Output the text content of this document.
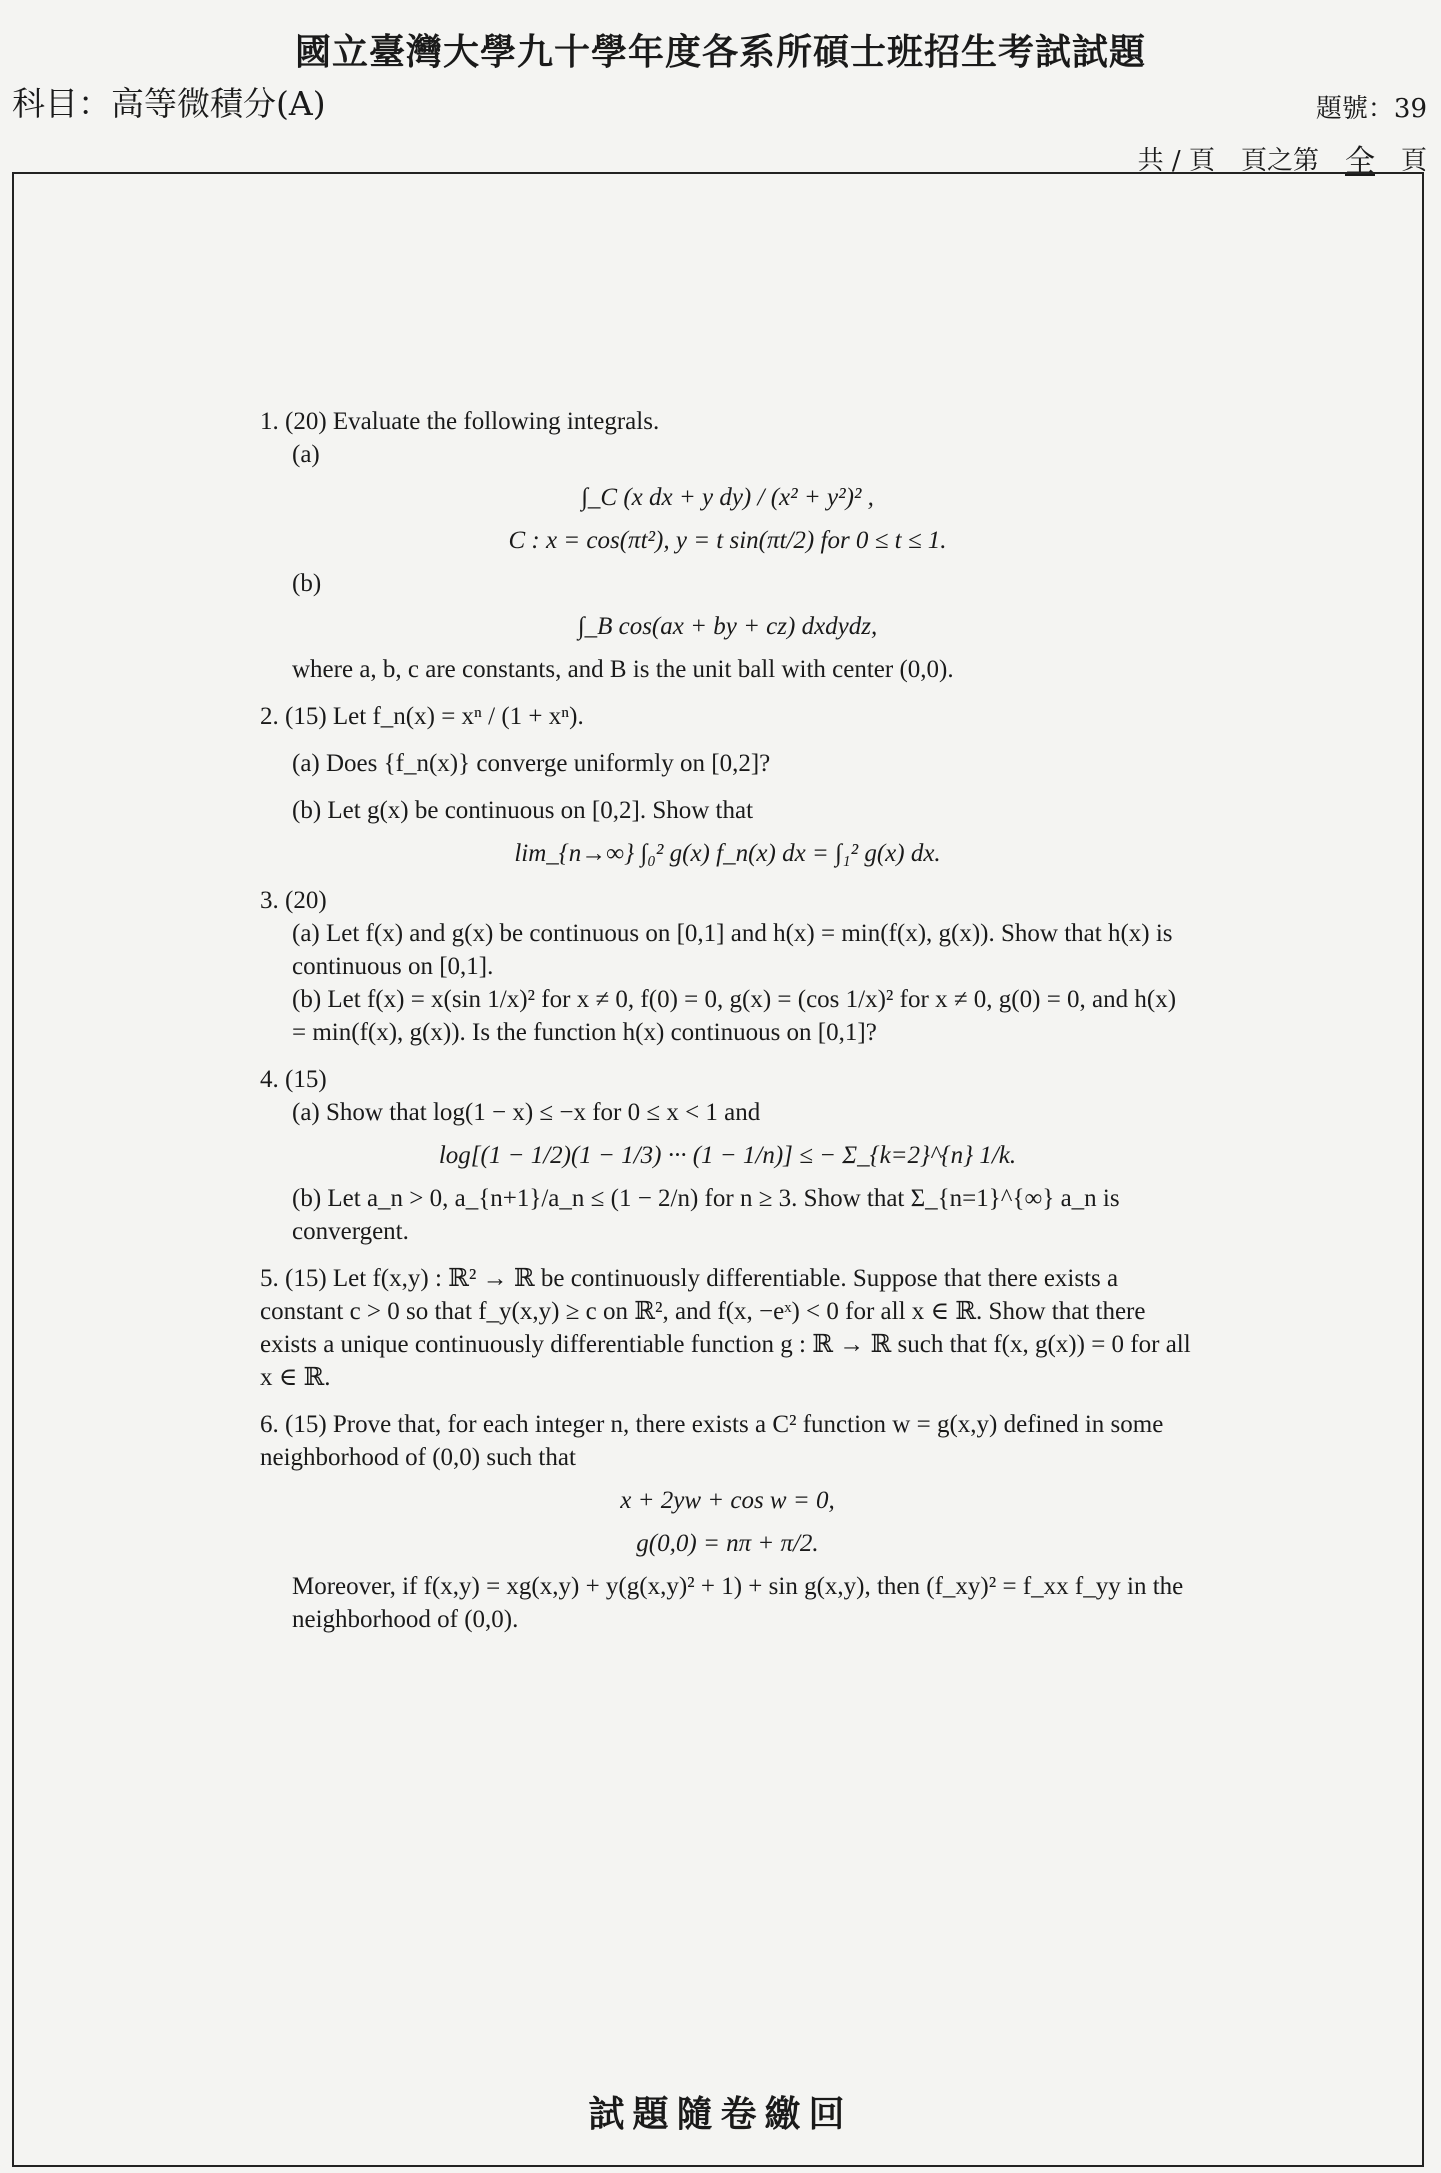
國立臺灣大學九十學年度各系所碩士班招生考試試題
科目：高等微積分(A)	題號：39
共 / 頁 頁之第 全 頁
1. (20) Evaluate the following integrals.
(a)
∫_C (x dx + y dy) / (x² + y²)² ,
C : x = cos(πt²), y = t sin(πt/2) for 0 ≤ t ≤ 1.
(b)
∫_B cos(ax + by + cz) dxdydz,
where a, b, c are constants, and B is the unit ball with center (0,0).
2. (15) Let f_n(x) = xⁿ / (1 + xⁿ).
(a) Does {f_n(x)} converge uniformly on [0,2]?
(b) Let g(x) be continuous on [0,2]. Show that
lim_{n→∞} ∫₀² g(x) f_n(x) dx = ∫₁² g(x) dx.
3. (20)
(a) Let f(x) and g(x) be continuous on [0,1] and h(x) = min(f(x), g(x)). Show that h(x) is continuous on [0,1].
(b) Let f(x) = x(sin 1/x)² for x ≠ 0, f(0) = 0, g(x) = (cos 1/x)² for x ≠ 0, g(0) = 0, and h(x) = min(f(x), g(x)). Is the function h(x) continuous on [0,1]?
4. (15)
(a) Show that log(1 − x) ≤ −x for 0 ≤ x < 1 and
log[(1 − 1/2)(1 − 1/3) ··· (1 − 1/n)] ≤ − Σ_{k=2}^{n} 1/k.
(b) Let a_n > 0, a_{n+1}/a_n ≤ (1 − 2/n) for n ≥ 3. Show that Σ_{n=1}^{∞} a_n is convergent.
5. (15) Let f(x,y) : ℝ² → ℝ be continuously differentiable. Suppose that there exists a constant c > 0 so that f_y(x,y) ≥ c on ℝ², and f(x, −eˣ) < 0 for all x ∈ ℝ. Show that there exists a unique continuously differentiable function g : ℝ → ℝ such that f(x, g(x)) = 0 for all x ∈ ℝ.
6. (15) Prove that, for each integer n, there exists a C² function w = g(x,y) defined in some neighborhood of (0,0) such that
x + 2yw + cos w = 0,
g(0,0) = nπ + π/2.
Moreover, if f(x,y) = xg(x,y) + y(g(x,y)² + 1) + sin g(x,y), then (f_xy)² = f_xx f_yy in the neighborhood of (0,0).
試題隨卷繳回
